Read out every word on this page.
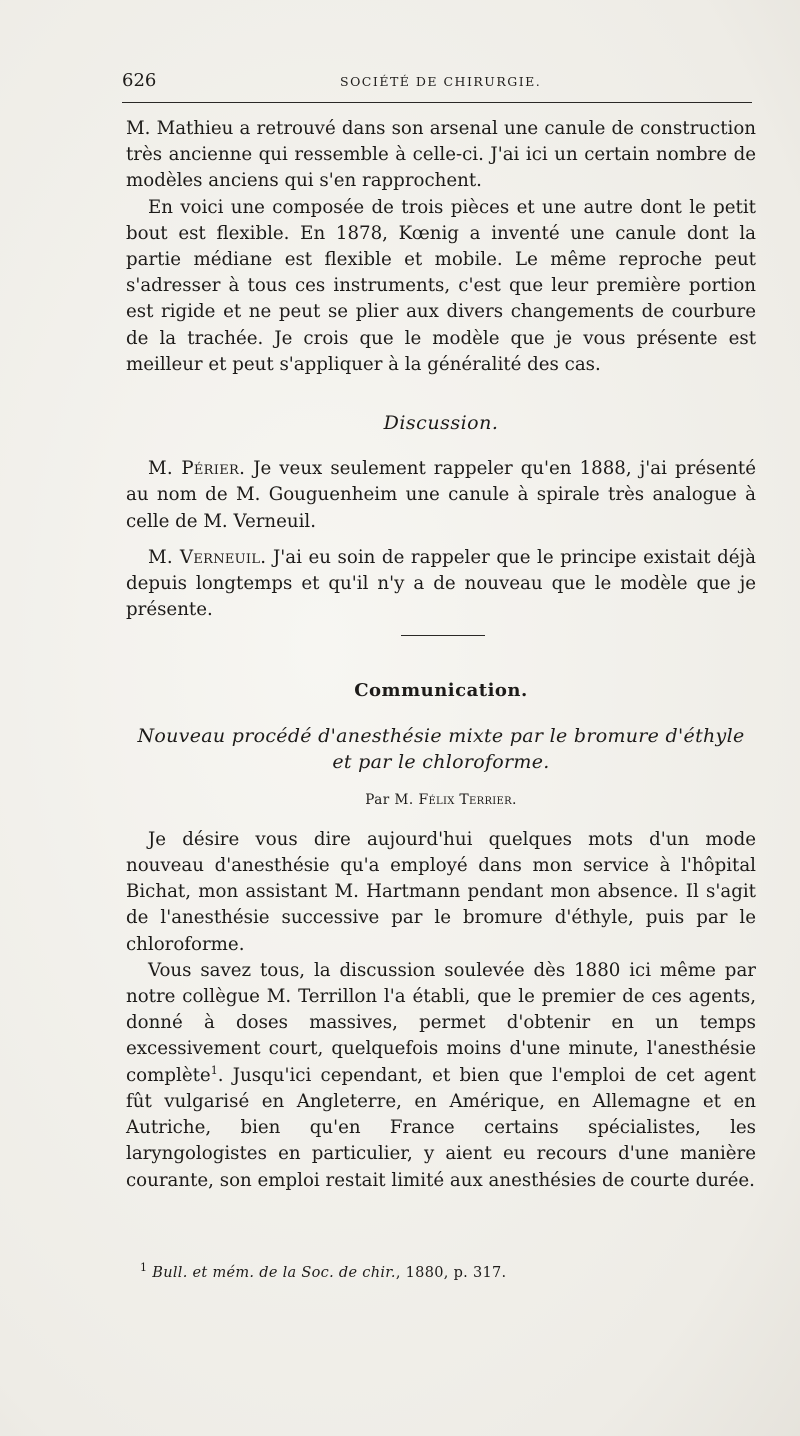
626	SOCIÉTÉ DE CHIRURGIE.

M. Mathieu a retrouvé dans son arsenal une canule de construction très ancienne qui ressemble à celle-ci. J'ai ici un certain nombre de modèles anciens qui s'en rapprochent.

En voici une composée de trois pièces et une autre dont le petit bout est flexible. En 1878, Kœnig a inventé une canule dont la partie médiane est flexible et mobile. Le même reproche peut s'adresser à tous ces instruments, c'est que leur première portion est rigide et ne peut se plier aux divers changements de courbure de la trachée. Je crois que le modèle que je vous présente est meilleur et peut s'appliquer à la généralité des cas.

Discussion.

M. Périer. Je veux seulement rappeler qu'en 1888, j'ai présenté au nom de M. Gouguenheim une canule à spirale très analogue à celle de M. Verneuil.

M. Verneuil. J'ai eu soin de rappeler que le principe existait déjà depuis longtemps et qu'il n'y a de nouveau que le modèle que je présente.

Communication.
Nouveau procédé d'anesthésie mixte par le bromure d'éthyle
et par le chloroforme.
Par M. Félix Terrier.

Je désire vous dire aujourd'hui quelques mots d'un mode nouveau d'anesthésie qu'a employé dans mon service à l'hôpital Bichat, mon assistant M. Hartmann pendant mon absence. Il s'agit de l'anesthésie successive par le bromure d'éthyle, puis par le chloroforme.

Vous savez tous, la discussion soulevée dès 1880 ici même par notre collègue M. Terrillon l'a établi, que le premier de ces agents, donné à doses massives, permet d'obtenir en un temps excessivement court, quelquefois moins d'une minute, l'anesthésie complète$^1$. Jusqu'ici cependant, et bien que l'emploi de cet agent fût vulgarisé en Angleterre, en Amérique, en Allemagne et en Autriche, bien qu'en France certains spécialistes, les laryngologistes en particulier, y aient eu recours d'une manière courante, son emploi restait limité aux anesthésies de courte durée.

$^1$ Bull. et mém. de la Soc. de chir., 1880, p. 317.
